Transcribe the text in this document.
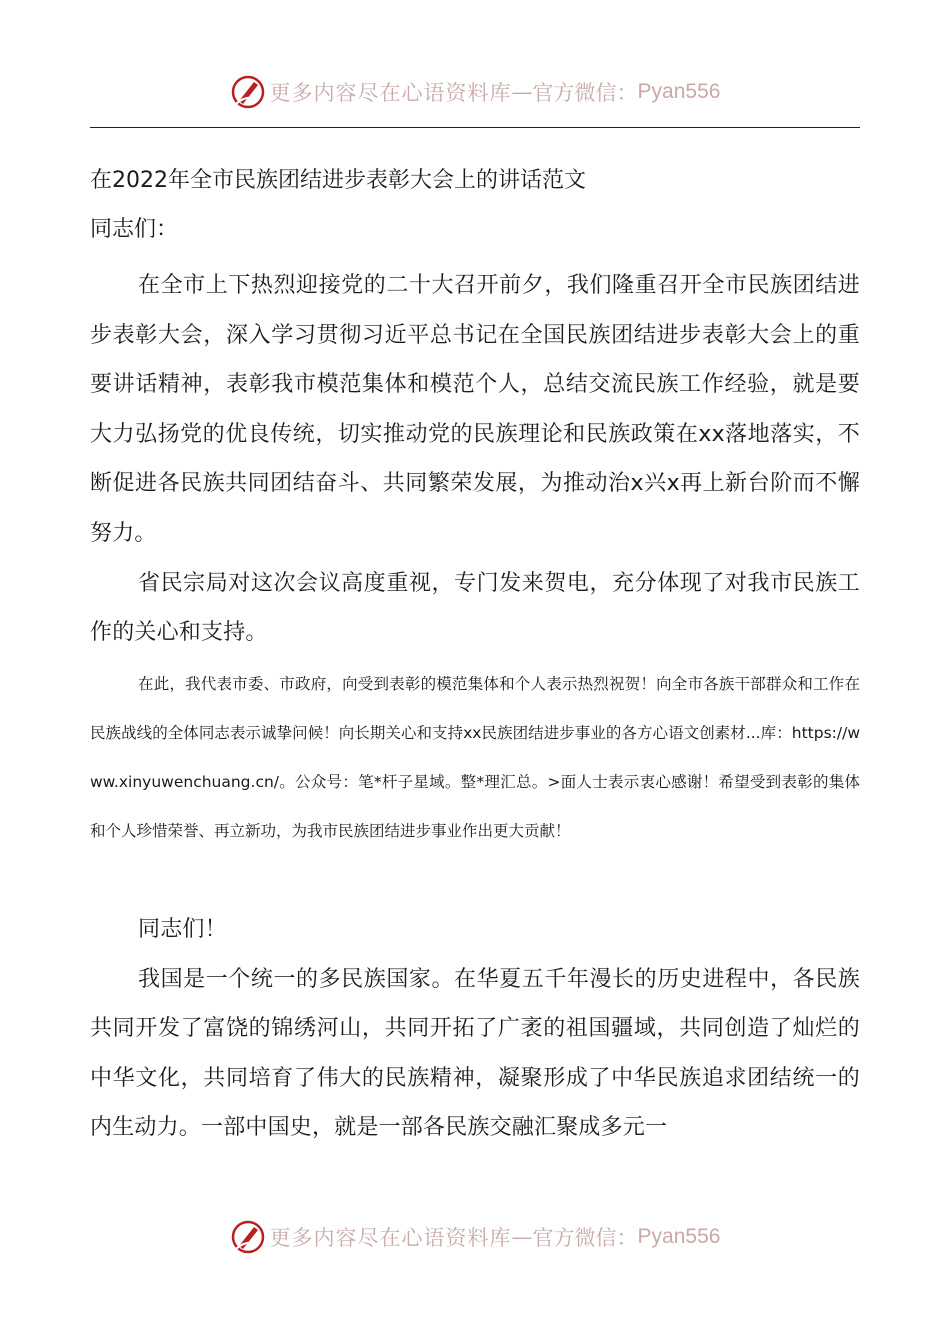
更多内容尽在心语资料库 — 官方微信： Pyan556
在2022年全市民族团结进步表彰大会上的讲话范文
同志们：

在全市上下热烈迎接党的二十大召开前夕，我们隆重召开全市民族团结进步表彰大会，深入学习贯彻习近平总书记在全国民族团结进步表彰大会上的重要讲话精神，表彰我市模范集体和模范个人，总结交流民族工作经验，就是要大力弘扬党的优良传统，切实推动党的民族理论和民族政策在xx落地落实，不断促进各民族共同团结奋斗、共同繁荣发展，为推动治x兴x再上新台阶而不懈努力。

省民宗局对这次会议高度重视，专门发来贺电，充分体现了对我市民族工作的关心和支持。

在此，我代表市委、市政府，向受到表彰的模范集体和个人表示热烈祝贺！向全市各族干部群众和工作在民族战线的全体同志表示诚挚问候！向长期关心和支持xx民族团结进步事业的各方心语文创素材...库：https://www.xinyuwenchuang.cn/。公众号：笔*杆子星域。整*理汇总。>面人士表示衷心感谢！希望受到表彰的集体和个人珍惜荣誉、再立新功，为我市民族团结进步事业作出更大贡献！

同志们！

我国是一个统一的多民族国家。在华夏五千年漫长的历史进程中，各民族共同开发了富饶的锦绣河山，共同开拓了广袤的祖国疆域，共同创造了灿烂的中华文化，共同培育了伟大的民族精神，凝聚形成了中华民族追求团结统一的内生动力。一部中国史，就是一部各民族交融汇聚成多元一

更多内容尽在心语资料库 — 官方微信： Pyan556
